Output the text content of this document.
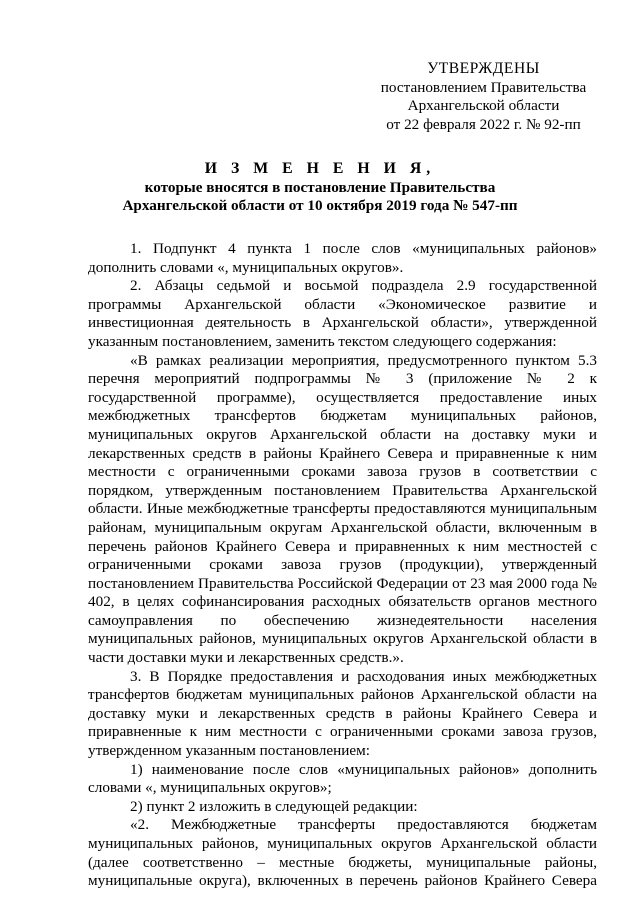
УТВЕРЖДЕНЫ
постановлением Правительства
Архангельской области
от 22 февраля 2022 г. № 92-пп
И З М Е Н Е Н И Я,
которые вносятся в постановление Правительства
Архангельской области от 10 октября 2019 года № 547-пп

1. Подпункт 4 пункта 1 после слов «муниципальных районов» дополнить словами «, муниципальных округов».

2. Абзацы седьмой и восьмой подраздела 2.9 государственной программы Архангельской области «Экономическое развитие и инвестиционная деятельность в Архангельской области», утвержденной указанным постановлением, заменить текстом следующего содержания:

«В рамках реализации мероприятия, предусмотренного пунктом 5.3 перечня мероприятий подпрограммы № 3 (приложение № 2 к государственной программе), осуществляется предоставление иных межбюджетных трансфертов бюджетам муниципальных районов, муниципальных округов Архангельской области на доставку муки и лекарственных средств в районы Крайнего Севера и приравненные к ним местности с ограниченными сроками завоза грузов в соответствии с порядком, утвержденным постановлением Правительства Архангельской области. Иные межбюджетные трансферты предоставляются муниципальным районам, муниципальным округам Архангельской области, включенным в перечень районов Крайнего Севера и приравненных к ним местностей с ограниченными сроками завоза грузов (продукции), утвержденный постановлением Правительства Российской Федерации от 23 мая 2000 года № 402, в целях софинансирования расходных обязательств органов местного самоуправления по обеспечению жизнедеятельности населения муниципальных районов, муниципальных округов Архангельской области в части доставки муки и лекарственных средств.».

3. В Порядке предоставления и расходования иных межбюджетных трансфертов бюджетам муниципальных районов Архангельской области на доставку муки и лекарственных средств в районы Крайнего Севера и приравненные к ним местности с ограниченными сроками завоза грузов, утвержденном указанным постановлением:

1) наименование после слов «муниципальных районов» дополнить словами «, муниципальных округов»;

2) пункт 2 изложить в следующей редакции:

«2. Межбюджетные трансферты предоставляются бюджетам муниципальных районов, муниципальных округов Архангельской области (далее соответственно – местные бюджеты, муниципальные районы, муниципальные округа), включенных в перечень районов Крайнего Севера
